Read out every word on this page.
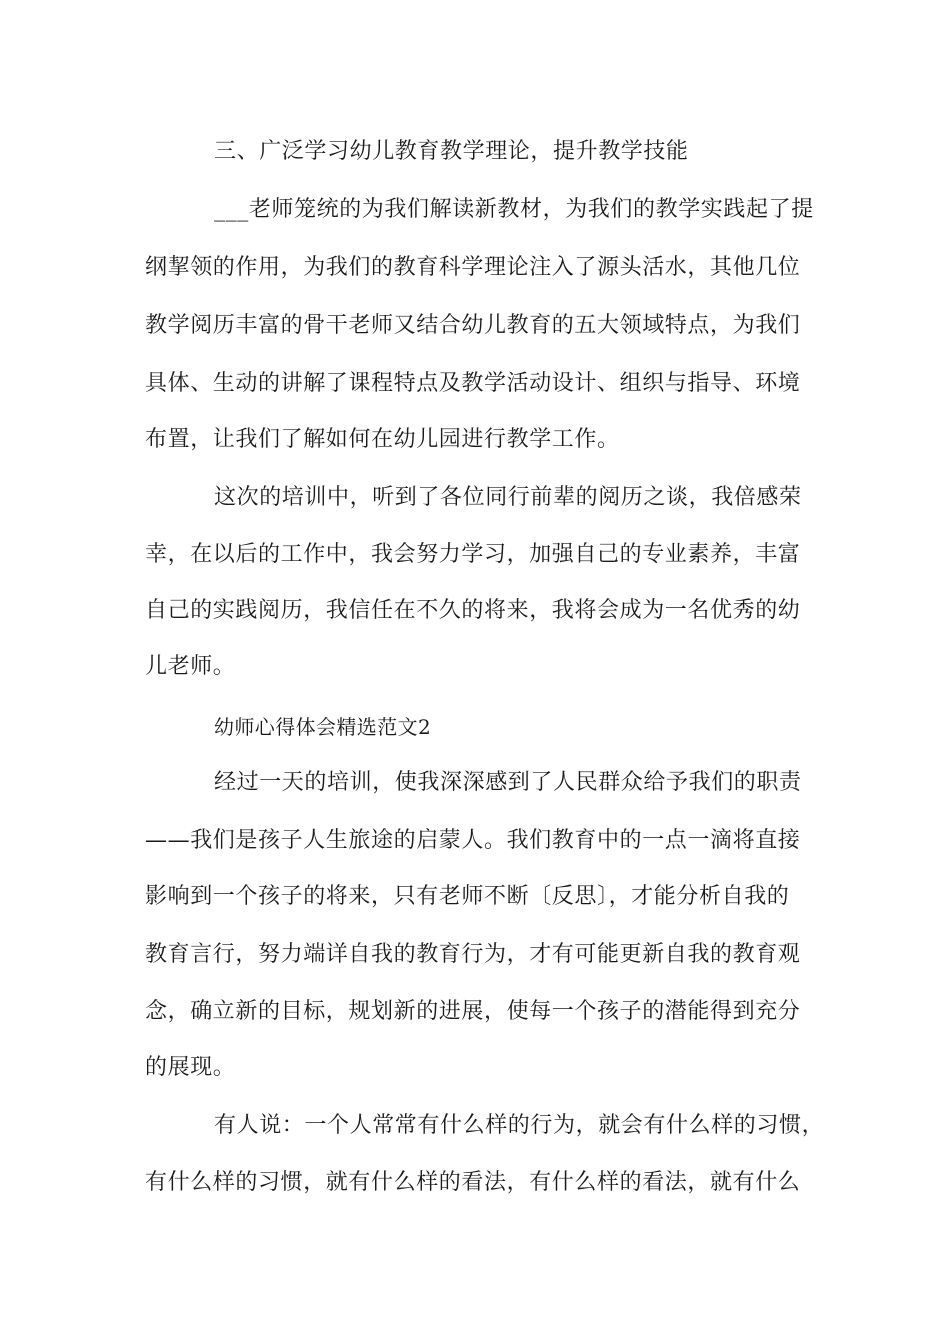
三、广泛学习幼儿教育教学理论，提升教学技能
___老师笼统的为我们解读新教材，为我们的教学实践起了提
纲挈领的作用，为我们的教育科学理论注入了源头活水，其他几位
教学阅历丰富的骨干老师又结合幼儿教育的五大领域特点，为我们
具体、生动的讲解了课程特点及教学活动设计、组织与指导、环境
布置，让我们了解如何在幼儿园进行教学工作。
这次的培训中，听到了各位同行前辈的阅历之谈，我倍感荣
幸，在以后的工作中，我会努力学习，加强自己的专业素养，丰富
自己的实践阅历，我信任在不久的将来，我将会成为一名优秀的幼
儿老师。
幼师心得体会精选范文2
经过一天的培训，使我深深感到了人民群众给予我们的职责
——我们是孩子人生旅途的启蒙人。我们教育中的一点一滴将直接
影响到一个孩子的将来，只有老师不断〔反思〕，才能分析自我的
教育言行，努力端详自我的教育行为，才有可能更新自我的教育观
念，确立新的目标，规划新的进展，使每一个孩子的潜能得到充分
的展现。
有人说：一个人常常有什么样的行为，就会有什么样的习惯，
有什么样的习惯，就有什么样的看法，有什么样的看法，就有什么
